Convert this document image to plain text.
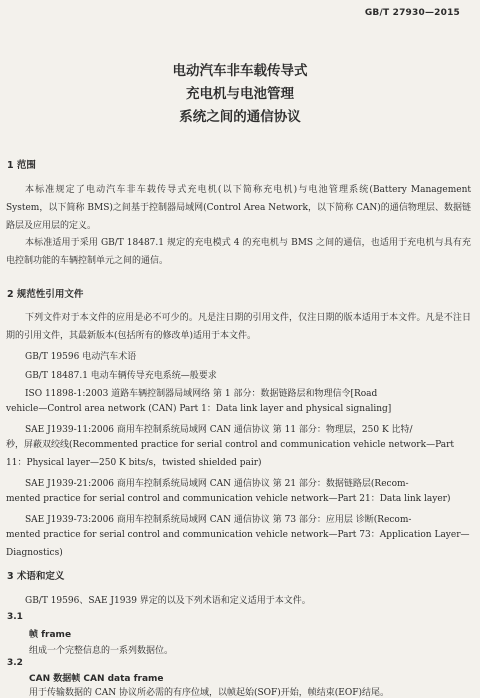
GB/T 27930—2015
电动汽车非车载传导式
充电机与电池管理
系统之间的通信协议
1 范围
本标准规定了电动汽车非车载传导式充电机(以下简称充电机)与电池管理系统(Battery Management System，以下简称 BMS)之间基于控制器局域网(Control Area Network，以下简称 CAN)的通信物理层、数据链路层及应用层的定义。
本标准适用于采用 GB/T 18487.1 规定的充电模式 4 的充电机与 BMS 之间的通信，也适用于充电机与具有充电控制功能的车辆控制单元之间的通信。
2 规范性引用文件
下列文件对于本文件的应用是必不可少的。凡是注日期的引用文件，仅注日期的版本适用于本文件。凡是不注日期的引用文件，其最新版本(包括所有的修改单)适用于本文件。
GB/T 19596 电动汽车术语
GB/T 18487.1 电动车辆传导充电系统—般要求
ISO 11898-1:2003 道路车辆控制器局域网络 第 1 部分：数据链路层和物理信令[Road
vehicle—Control area network (CAN) Part 1：Data link layer and physical signaling]
SAE J1939-11:2006 商用车控制系统局域网 CAN 通信协议 第 11 部分：物理层，250 K 比特/
秒，屏蔽双绞线(Recommented practice for serial control and communication vehicle network—Part 11：Physical layer—250 K bits/s，twisted shielded pair)
SAE J1939-21:2006 商用车控制系统局域网 CAN 通信协议 第 21 部分：数据链路层(Recom-
mented practice for serial control and communication vehicle network—Part 21：Data link layer)
SAE J1939-73:2006 商用车控制系统局域网 CAN 通信协议 第 73 部分：应用层 诊断(Recom-
mented practice for serial control and communication vehicle network—Part 73：Application Layer—Diagnostics)
3 术语和定义
GB/T 19596、SAE J1939 界定的以及下列术语和定义适用于本文件。
3.1
帧 frame
组成一个完整信息的一系列数据位。
3.2
CAN 数据帧 CAN data frame
用于传输数据的 CAN 协议所必需的有序位域，以帧起始(SOF)开始，帧结束(EOF)结尾。
